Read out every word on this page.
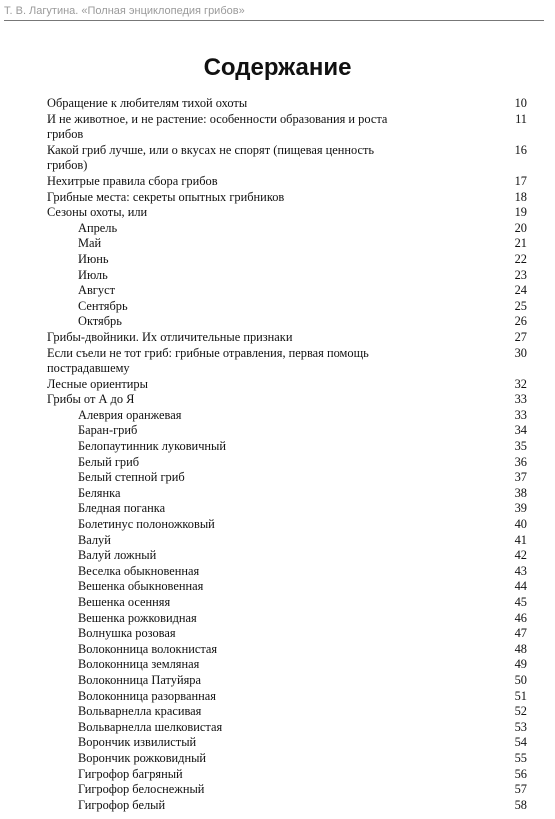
Т. В. Лагутина. «Полная энциклопедия грибов»
Содержание
Обращение к любителям тихой охоты	10
И не животное, и не растение: особенности образования и роста грибов
11
Какой гриб лучше, или о вкусах не спорят (пищевая ценность грибов)
16
Нехитрые правила сбора грибов	17
Грибные места: секреты опытных грибников	18
Сезоны охоты, или	19
Апрель	20
Май	21
Июнь	22
Июль	23
Август	24
Сентябрь	25
Октябрь	26
Грибы-двойники. Их отличительные признаки	27
Если съели не тот гриб: грибные отравления, первая помощь пострадавшему
30
Лесные ориентиры	32
Грибы от А до Я	33
Алеврия оранжевая	33
Баран-гриб	34
Белопаутинник луковичный	35
Белый гриб	36
Белый степной гриб	37
Белянка	38
Бледная поганка	39
Болетинус полоножковый	40
Валуй	41
Валуй ложный	42
Веселка обыкновенная	43
Вешенка обыкновенная	44
Вешенка осенняя	45
Вешенка рожковидная	46
Волнушка розовая	47
Волоконница волокнистая	48
Волоконница земляная	49
Волоконница Патуйяра	50
Волоконница разорванная	51
Вольварнелла красивая	52
Вольварнелла шелковистая	53
Ворончик извилистый	54
Ворончик рожковидный	55
Гигрофор багряный	56
Гигрофор белоснежный	57
Гигрофор белый	58
